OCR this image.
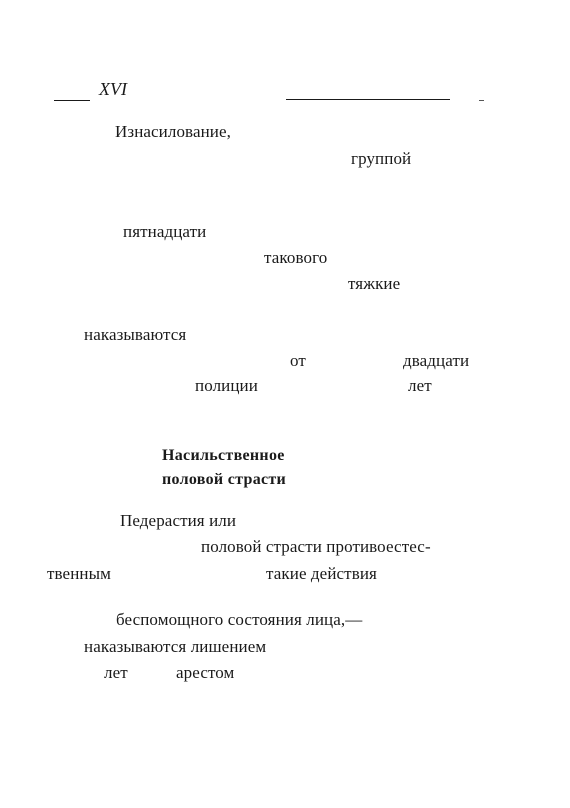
XVI
Изнасилование,
группой
пятнадцати
такового
тяжкие
наказываются
от	двадцати
полиции	лет
Насильственное
половой страсти
Педерастия или
половой страсти противоестес-
твенным	такие действия
беспомощного состояния лица,—
наказываются лишением
лет	арестом
